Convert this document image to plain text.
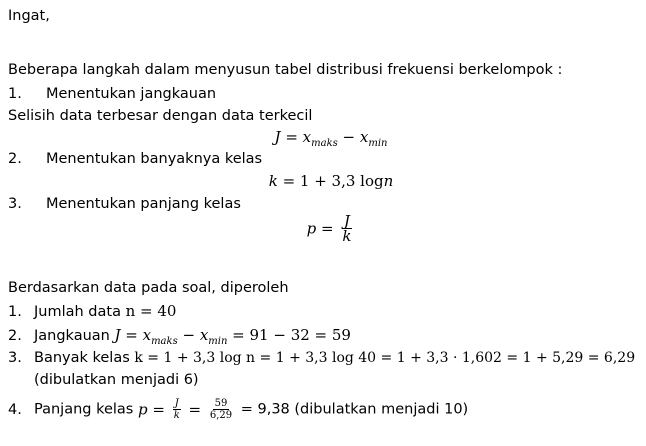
Ingat,
Beberapa langkah dalam menyusun tabel distribusi frekuensi berkelompok :
1. Menentukan jangkauan
Selisih data terbesar dengan data terkecil
$J = x_{maks} - x_{min}$
2. Menentukan banyaknya kelas
k = 1 + 3,3 logn
3. Menentukan panjang kelas
$p = \frac{J}{k}$
Berdasarkan data pada soal, diperoleh
1. Jumlah data n = 40
2. Jangkauan $J = x_{maks} - x_{min} = 91 - 32 = 59$
3. Banyak kelas k = 1 + 3,3 log n = 1 + 3,3 log 40 = 1 + 3,3 · 1,602 = 1 + 5,29 = 6,29
(dibulatkan menjadi 6)
4. Panjang kelas $p = \frac{J}{k} = \frac{59}{6,29} = 9,38$ (dibulatkan menjadi 10)
